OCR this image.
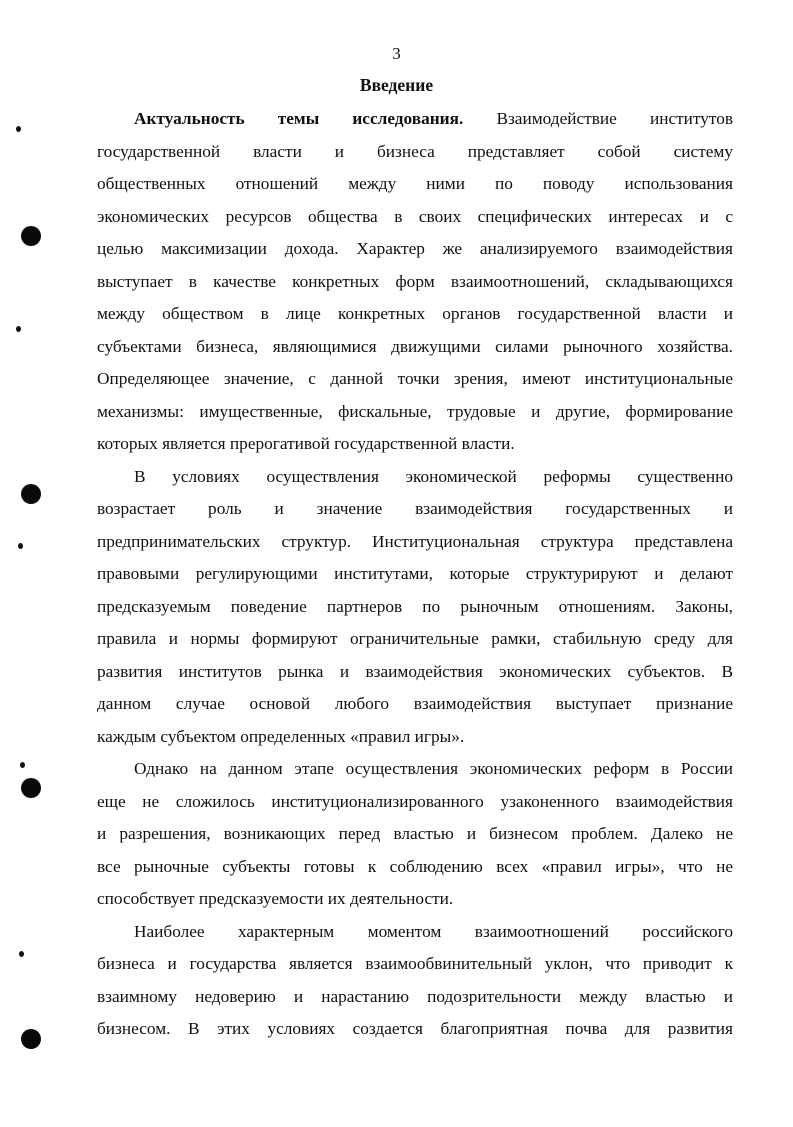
3
Введение
Актуальность темы исследования. Взаимодействие институтов
государственной власти и бизнеса представляет собой систему
общественных отношений между ними по поводу использования
экономических ресурсов общества в своих специфических интересах и с
целью максимизации дохода. Характер же анализируемого взаимодействия
выступает в качестве конкретных форм взаимоотношений, складывающихся
между обществом в лице конкретных органов государственной власти и
субъектами бизнеса, являющимися движущими силами рыночного хозяйства.
Определяющее значение, с данной точки зрения, имеют институциональные
механизмы: имущественные, фискальные, трудовые и другие, формирование
которых является прерогативой государственной власти.
В условиях осуществления экономической реформы существенно
возрастает роль и значение взаимодействия государственных и
предпринимательских структур. Институциональная структура представлена
правовыми регулирующими институтами, которые структурируют и делают
предсказуемым поведение партнеров по рыночным отношениям. Законы,
правила и нормы формируют ограничительные рамки, стабильную среду для
развития институтов рынка и взаимодействия экономических субъектов. В
данном случае основой любого взаимодействия выступает признание
каждым субъектом определенных «правил игры».
Однако на данном этапе осуществления экономических реформ в России
еще не сложилось институционализированного узаконенного взаимодействия
и разрешения, возникающих перед властью и бизнесом проблем. Далеко не
все рыночные субъекты готовы к соблюдению всех «правил игры», что не
способствует предсказуемости их деятельности.
Наиболее характерным моментом взаимоотношений российского
бизнеса и государства является взаимообвинительный уклон, что приводит к
взаимному недоверию и нарастанию подозрительности между властью и
бизнесом. В этих условиях создается благоприятная почва для развития
